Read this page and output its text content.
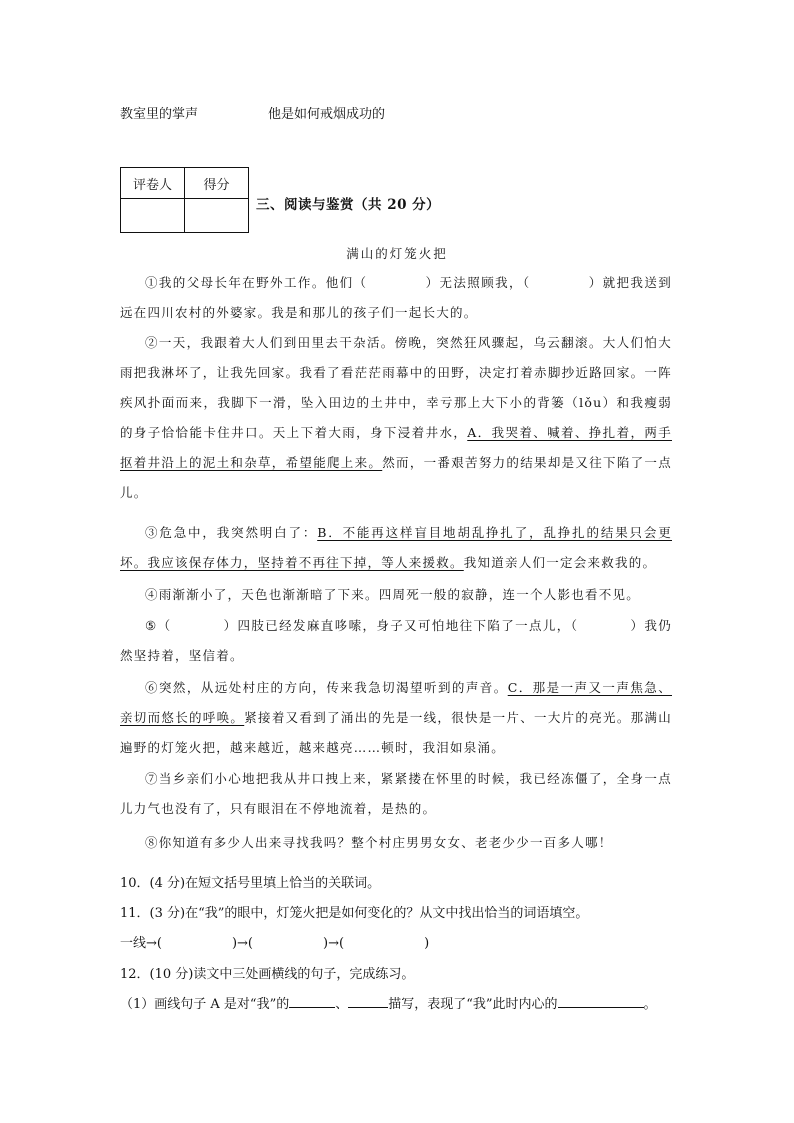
教室里的掌声	他是如何戒烟成功的
评卷人	得分

三、阅读与鉴赏（共 20 分）
满山的灯笼火把
①我的父母长年在野外工作。他们（	）无法照顾我，（	）就把我送到远在四川农村的外婆家。我是和那儿的孩子们一起长大的。
②一天，我跟着大人们到田里去干杂活。傍晚，突然狂风骤起，乌云翻滚。大人们怕大雨把我淋坏了，让我先回家。我看了看茫茫雨幕中的田野，决定打着赤脚抄近路回家。一阵疾风扑面而来，我脚下一滑，坠入田边的土井中，幸亏那上大下小的背篓（lǒu）和我瘦弱的身子恰恰能卡住井口。天上下着大雨，身下浸着井水，A．我哭着、喊着、挣扎着，两手抠着井沿上的泥土和杂草，希望能爬上来。然而，一番艰苦努力的结果却是又往下陷了一点儿。
③危急中，我突然明白了：B．不能再这样盲目地胡乱挣扎了，乱挣扎的结果只会更坏。我应该保存体力，坚持着不再往下掉，等人来援救。我知道亲人们一定会来救我的。
④雨渐渐小了，天色也渐渐暗了下来。四周死一般的寂静，连一个人影也看不见。
⑤（	）四肢已经发麻直哆嗦，身子又可怕地往下陷了一点儿，（	）我仍然坚持着，坚信着。
⑥突然，从远处村庄的方向，传来我急切渴望听到的声音。C．那是一声又一声焦急、亲切而悠长的呼唤。紧接着又看到了涌出的先是一线，很快是一片、一大片的亮光。那满山遍野的灯笼火把，越来越近，越来越亮……顿时，我泪如泉涌。
⑦当乡亲们小心地把我从井口拽上来，紧紧搂在怀里的时候，我已经冻僵了，全身一点儿力气也没有了，只有眼泪在不停地流着，是热的。
⑧你知道有多少人出来寻找我吗？整个村庄男男女女、老老少少一百多人哪！
10．(4 分)在短文括号里填上恰当的关联词。
11．(3 分)在“我”的眼中，灯笼火把是如何变化的？从文中找出恰当的词语填空。
一线→(	)→(	)→(	)
12．(10 分)读文中三处画横线的句子，完成练习。
（1）画线句子 A 是对“我”的	、	描写，表现了“我”此时内心的	。
